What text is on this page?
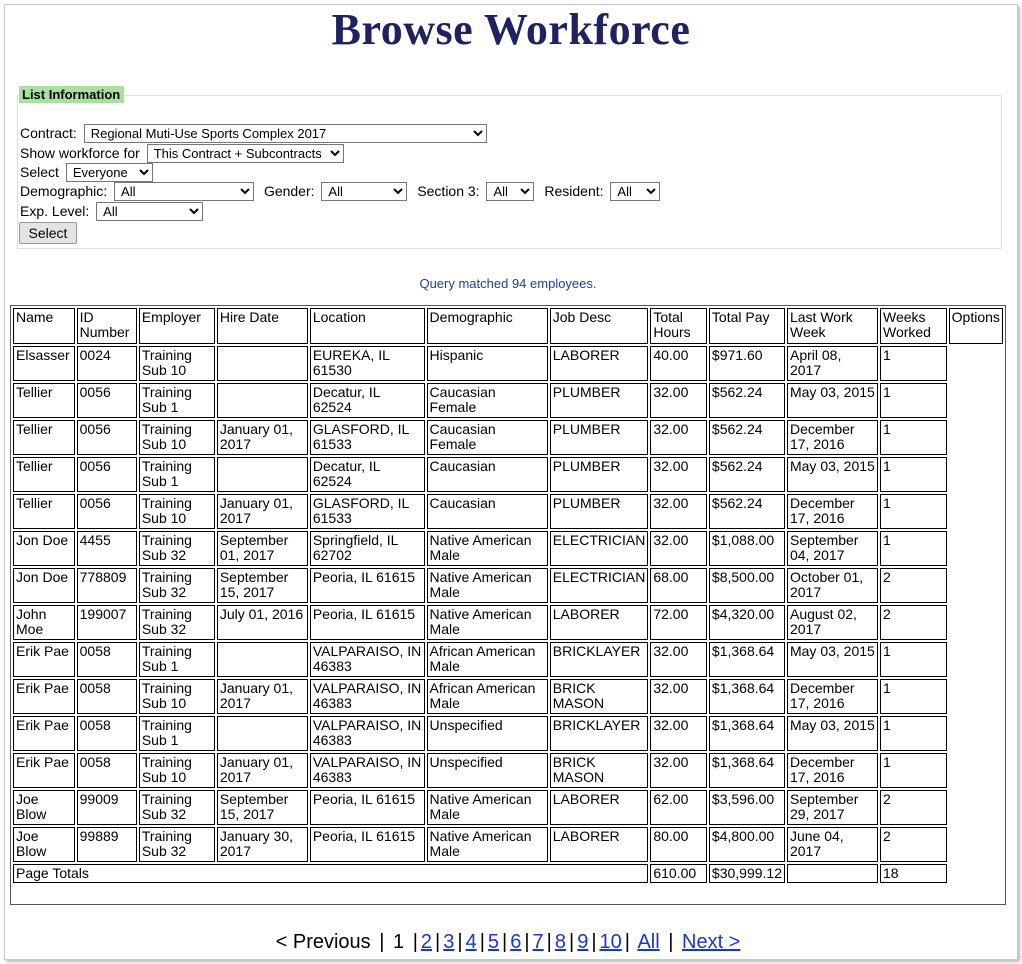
Browse Workforce
List Information
Contract:
Regional Muti-Use Sports Complex 2017
Show workforce for
This Contract + Subcontracts
Select
Everyone
Demographic:
All	Gender:
All	Section 3:
All	Resident:
All
Exp. Level:
All
Select
Query matched 94 employees.
Name	ID Number	Employer	Hire Date	Location	Demographic	Job Desc	Total Hours	Total Pay	Last Work Week	Weeks Worked	Options
Elsasser	0024	Training Sub 10		EUREKA, IL 61530	Hispanic	LABORER	40.00	$971.60	April 08, 2017	1	
Tellier	0056	Training Sub 1		Decatur, IL 62524	Caucasian Female	PLUMBER	32.00	$562.24	May 03, 2015	1	
Tellier	0056	Training Sub 10	January 01, 2017	GLASFORD, IL 61533	Caucasian Female	PLUMBER	32.00	$562.24	December 17, 2016	1	
Tellier	0056	Training Sub 1		Decatur, IL 62524	Caucasian	PLUMBER	32.00	$562.24	May 03, 2015	1	
Tellier	0056	Training Sub 10	January 01, 2017	GLASFORD, IL 61533	Caucasian	PLUMBER	32.00	$562.24	December 17, 2016	1	
Jon Doe	4455	Training Sub 32	September 01, 2017	Springfield, IL 62702	Native American Male	ELECTRICIAN	32.00	$1,088.00	September 04, 2017	1	
Jon Doe	778809	Training Sub 32	September 15, 2017	Peoria, IL 61615	Native American Male	ELECTRICIAN	68.00	$8,500.00	October 01, 2017	2	
John Moe	199007	Training Sub 32	July 01, 2016	Peoria, IL 61615	Native American Male	LABORER	72.00	$4,320.00	August 02, 2017	2	
Erik Pae	0058	Training Sub 1		VALPARAISO, IN 46383	African American Male	BRICKLAYER	32.00	$1,368.64	May 03, 2015	1	
Erik Pae	0058	Training Sub 10	January 01, 2017	VALPARAISO, IN 46383	African American Male	BRICK MASON	32.00	$1,368.64	December 17, 2016	1	
Erik Pae	0058	Training Sub 1		VALPARAISO, IN 46383	Unspecified	BRICKLAYER	32.00	$1,368.64	May 03, 2015	1	
Erik Pae	0058	Training Sub 10	January 01, 2017	VALPARAISO, IN 46383	Unspecified	BRICK MASON	32.00	$1,368.64	December 17, 2016	1	
Joe Blow	99009	Training Sub 32	September 15, 2017	Peoria, IL 61615	Native American Male	LABORER	62.00	$3,596.00	September 29, 2017	2	
Joe Blow	99889	Training Sub 32	January 30, 2017	Peoria, IL 61615	Native American Male	LABORER	80.00	$4,800.00	June 04, 2017	2	
Page Totals							610.00	$30,999.12		18	
< Previous | 1 | 2 | 3 | 4 | 5 | 6 | 7 | 8 | 9 | 10 | All | Next >
